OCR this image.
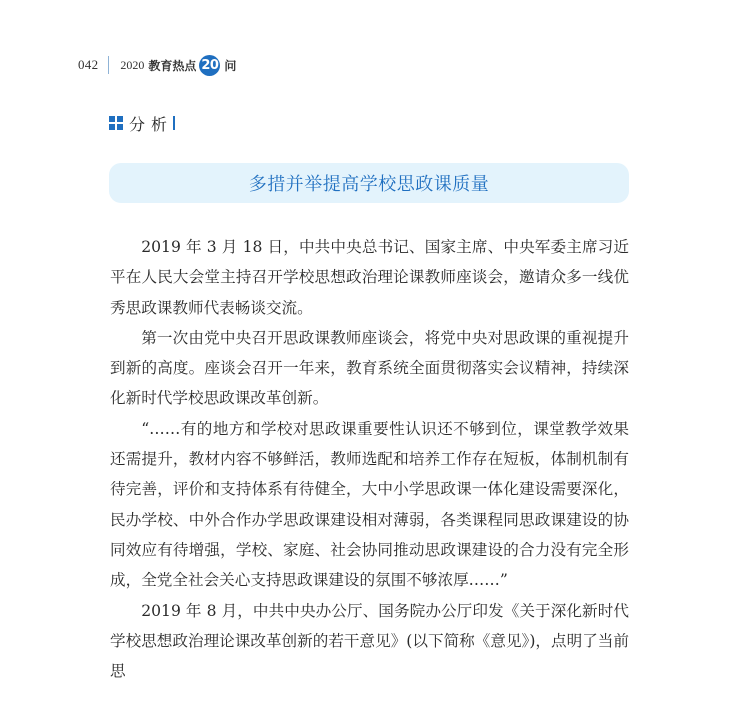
042 2020 教育热点 20 问
分析
多措并举提高学校思政课质量

2019 年 3 月 18 日，中共中央总书记、国家主席、中央军委主席习近平在人民大会堂主持召开学校思想政治理论课教师座谈会，邀请众多一线优秀思政课教师代表畅谈交流。

第一次由党中央召开思政课教师座谈会，将党中央对思政课的重视提升到新的高度。座谈会召开一年来，教育系统全面贯彻落实会议精神，持续深化新时代学校思政课改革创新。

“……有的地方和学校对思政课重要性认识还不够到位，课堂教学效果还需提升，教材内容不够鲜活，教师选配和培养工作存在短板，体制机制有待完善，评价和支持体系有待健全，大中小学思政课一体化建设需要深化，民办学校、中外合作办学思政课建设相对薄弱，各类课程同思政课建设的协同效应有待增强，学校、家庭、社会协同推动思政课建设的合力没有完全形成，全党全社会关心支持思政课建设的氛围不够浓厚……”

2019 年 8 月，中共中央办公厅、国务院办公厅印发《关于深化新时代学校思想政治理论课改革创新的若干意见》(以下简称《意见》)，点明了当前思
